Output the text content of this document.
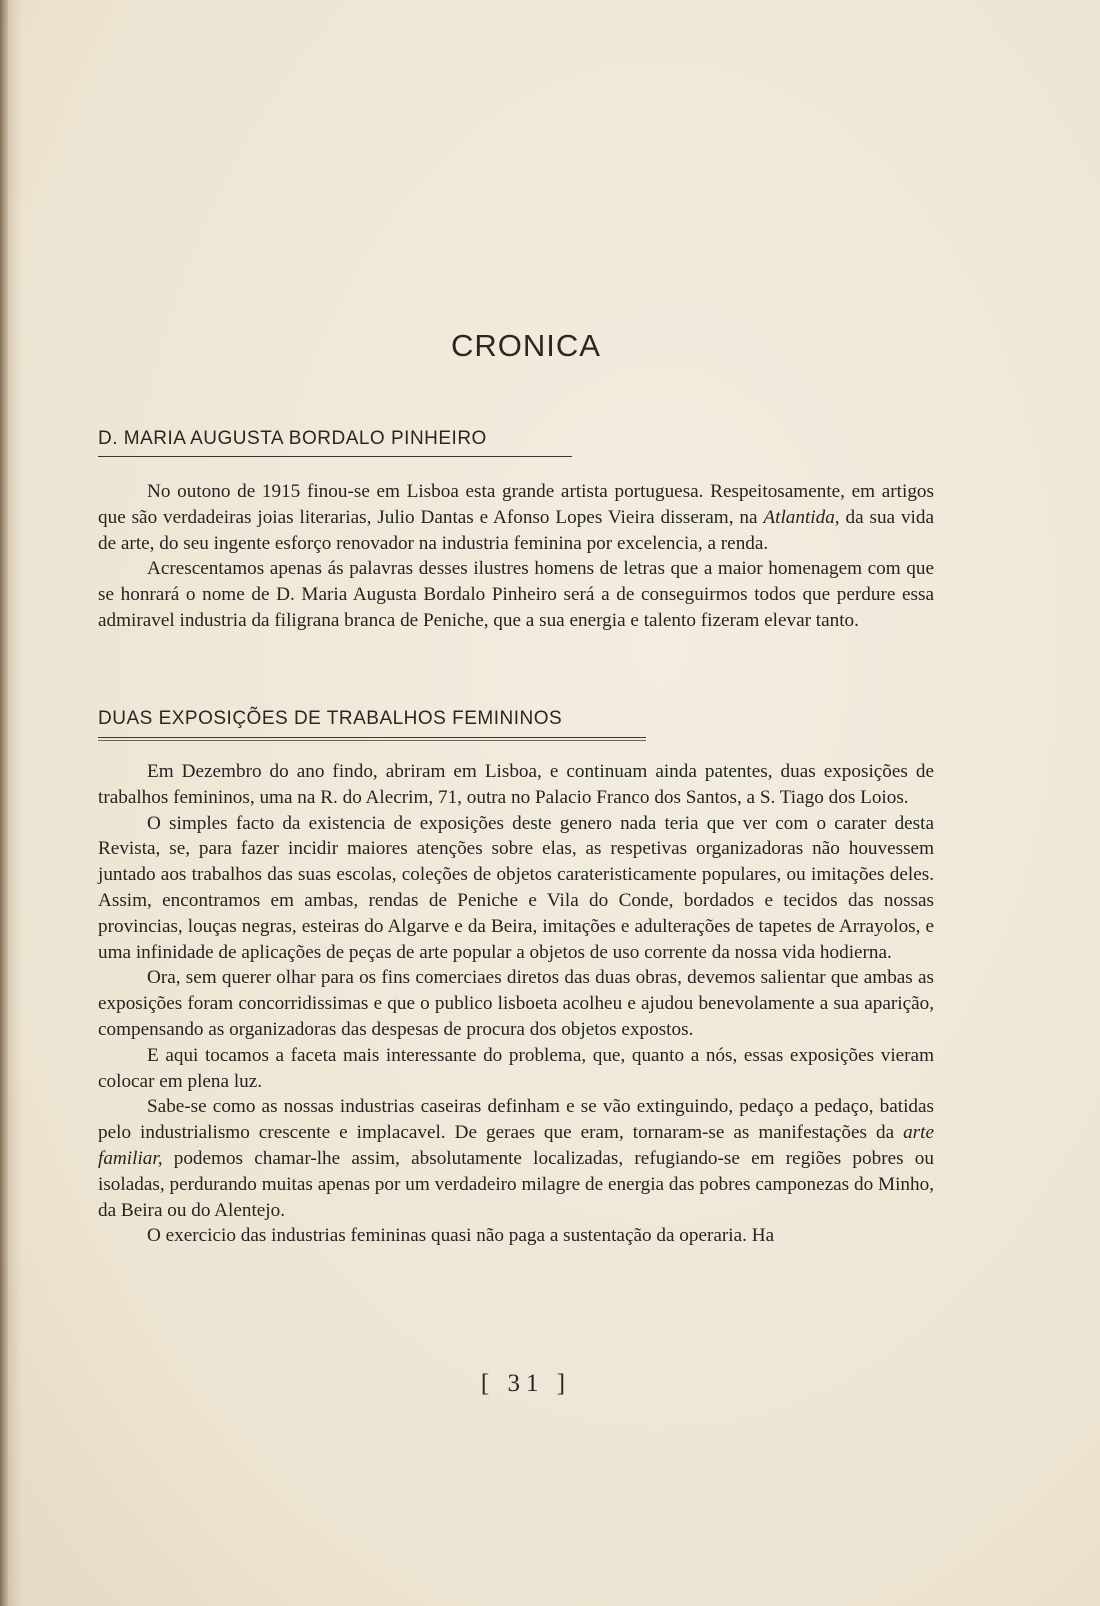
CRONICA
D. MARIA AUGUSTA BORDALO PINHEIRO

No outono de 1915 finou-se em Lisboa esta grande artista portuguesa. Respeitosamente, em artigos que são verdadeiras joias literarias, Julio Dantas e Afonso Lopes Vieira disseram, na Atlantida, da sua vida de arte, do seu ingente esforço renovador na industria feminina por excelencia, a renda.

Acrescentamos apenas ás palavras desses ilustres homens de letras que a maior homenagem com que se honrará o nome de D. Maria Augusta Bordalo Pinheiro será a de conseguirmos todos que perdure essa admiravel industria da filigrana branca de Peniche, que a sua energia e talento fizeram elevar tanto.

DUAS EXPOSIÇÕES DE TRABALHOS FEMININOS

Em Dezembro do ano findo, abriram em Lisboa, e continuam ainda patentes, duas exposições de trabalhos femininos, uma na R. do Alecrim, 71, outra no Palacio Franco dos Santos, a S. Tiago dos Loios.

O simples facto da existencia de exposições deste genero nada teria que ver com o carater desta Revista, se, para fazer incidir maiores atenções sobre elas, as respetivas organizadoras não houvessem juntado aos trabalhos das suas escolas, coleções de objetos carateristicamente populares, ou imitações deles. Assim, encontramos em ambas, rendas de Peniche e Vila do Conde, bordados e tecidos das nossas provincias, louças negras, esteiras do Algarve e da Beira, imitações e adulterações de tapetes de Arrayolos, e uma infinidade de aplicações de peças de arte popular a objetos de uso corrente da nossa vida hodierna.

Ora, sem querer olhar para os fins comerciaes diretos das duas obras, devemos salientar que ambas as exposições foram concorridissimas e que o publico lisboeta acolheu e ajudou benevolamente a sua aparição, compensando as organizadoras das despesas de procura dos objetos expostos.

E aqui tocamos a faceta mais interessante do problema, que, quanto a nós, essas exposições vieram colocar em plena luz.

Sabe-se como as nossas industrias caseiras definham e se vão extinguindo, pedaço a pedaço, batidas pelo industrialismo crescente e implacavel. De geraes que eram, tornaram-se as manifestações da arte familiar, podemos chamar-lhe assim, absolutamente localizadas, refugiando-se em regiões pobres ou isoladas, perdurando muitas apenas por um verdadeiro milagre de energia das pobres camponezas do Minho, da Beira ou do Alentejo.

O exercicio das industrias femininas quasi não paga a sustentação da operaria. Ha

[ 31 ]
